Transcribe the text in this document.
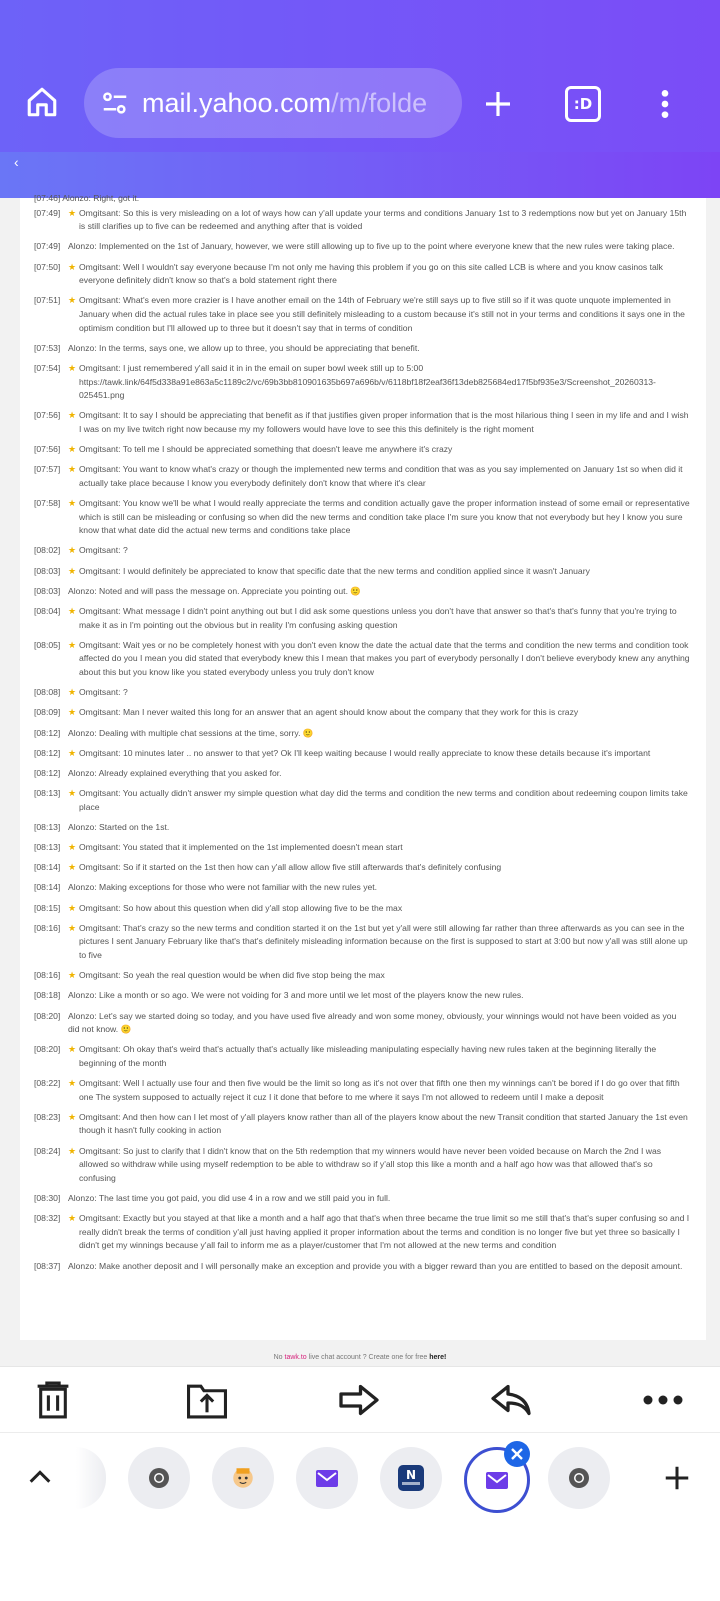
mail.yahoo.com/m/folde	:D
‹
[07:46] Alonzo: Right, got it.
[07:49] ★ Omgitsant: So this is very misleading on a lot of ways how can y'all update your terms and conditions January 1st to 3 redemptions now but yet on January 15th is still clarifies up to five can be redeemed and anything after that is voided
[07:49] Alonzo: Implemented on the 1st of January, however, we were still allowing up to five up to the point where everyone knew that the new rules were taking place.
[07:50] ★ Omgitsant: Well I wouldn't say everyone because I'm not only me having this problem if you go on this site called LCB is where and you know casinos talk everyone definitely didn't know so that's a bold statement right there
[07:51] ★ Omgitsant: What's even more crazier is I have another email on the 14th of February we're still says up to five still so if it was quote unquote implemented in January when did the actual rules take in place see you still definitely misleading to a custom because it's still not in your terms and conditions it says one in the optimism condition but I'll allowed up to three but it doesn't say that in terms of condition
[07:53] Alonzo: In the terms, says one, we allow up to three, you should be appreciating that benefit.
[07:54] ★ Omgitsant: I just remembered y'all said it in in the email on super bowl week still up to 5:00 https://tawk.link/64f5d338a91e863a5c1189c2/vc/69b3bb810901635b697a696b/v/6118bf18f2eaf36f13deb825684ed17f5bf935e3/Screenshot_20260313-025451.png
[07:56] ★ Omgitsant: It to say I should be appreciating that benefit as if that justifies given proper information that is the most hilarious thing I seen in my life and and I wish I was on my live twitch right now because my my followers would have love to see this this definitely is the right moment
[07:56] ★ Omgitsant: To tell me I should be appreciated something that doesn't leave me anywhere it's crazy
[07:57] ★ Omgitsant: You want to know what's crazy or though the implemented new terms and condition that was as you say implemented on January 1st so when did it actually take place because I know you everybody definitely don't know that where it's clear
[07:58] ★ Omgitsant: You know we'll be what I would really appreciate the terms and condition actually gave the proper information instead of some email or representative which is still can be misleading or confusing so when did the new terms and condition take place I'm sure you know that not everybody but hey I know you sure know that what date did the actual new terms and conditions take place
[08:02] ★ Omgitsant: ?
[08:03] ★ Omgitsant: I would definitely be appreciated to know that specific date that the new terms and condition applied since it wasn't January
[08:03] Alonzo: Noted and will pass the message on. Appreciate you pointing out. 🙂
[08:04] ★ Omgitsant: What message I didn't point anything out but I did ask some questions unless you don't have that answer so that's that's funny that you're trying to make it as in I'm pointing out the obvious but in reality I'm confusing asking question
[08:05] ★ Omgitsant: Wait yes or no be completely honest with you don't even know the date the actual date that the terms and condition the new terms and condition took affected do you I mean you did stated that everybody knew this I mean that makes you part of everybody personally I don't believe everybody knew any anything about this but you know like you stated everybody unless you truly don't know
[08:08] ★ Omgitsant: ?
[08:09] ★ Omgitsant: Man I never waited this long for an answer that an agent should know about the company that they work for this is crazy
[08:12] Alonzo: Dealing with multiple chat sessions at the time, sorry. 🙂
[08:12] ★ Omgitsant: 10 minutes later .. no answer to that yet? Ok I'll keep waiting because I would really appreciate to know these details because it's important
[08:12] Alonzo: Already explained everything that you asked for.
[08:13] ★ Omgitsant: You actually didn't answer my simple question what day did the terms and condition the new terms and condition about redeeming coupon limits take place
[08:13] Alonzo: Started on the 1st.
[08:13] ★ Omgitsant: You stated that it implemented on the 1st implemented doesn't mean start
[08:14] ★ Omgitsant: So if it started on the 1st then how can y'all allow allow five still afterwards that's definitely confusing
[08:14] Alonzo: Making exceptions for those who were not familiar with the new rules yet.
[08:15] ★ Omgitsant: So how about this question when did y'all stop allowing five to be the max
[08:16] ★ Omgitsant: That's crazy so the new terms and condition started it on the 1st but yet y'all were still allowing far rather than three afterwards as you can see in the pictures I sent January February like that's that's definitely misleading information because on the first is supposed to start at 3:00 but now y'all was still alone up to five
[08:16] ★ Omgitsant: So yeah the real question would be when did five stop being the max
[08:18] Alonzo: Like a month or so ago. We were not voiding for 3 and more until we let most of the players know the new rules.
[08:20] Alonzo: Let's say we started doing so today, and you have used five already and won some money, obviously, your winnings would not have been voided as you did not know. 🙂
[08:20] ★ Omgitsant: Oh okay that's weird that's actually that's actually like misleading manipulating especially having new rules taken at the beginning literally the beginning of the month
[08:22] ★ Omgitsant: Well I actually use four and then five would be the limit so long as it's not over that fifth one then my winnings can't be bored if I do go over that fifth one The system supposed to actually reject it cuz I it done that before to me where it says I'm not allowed to redeem until I make a deposit
[08:23] ★ Omgitsant: And then how can I let most of y'all players know rather than all of the players know about the new Transit condition that started January the 1st even though it hasn't fully cooking in action
[08:24] ★ Omgitsant: So just to clarify that I didn't know that on the 5th redemption that my winners would have never been voided because on March the 2nd I was allowed so withdraw while using myself redemption to be able to withdraw so if y'all stop this like a month and a half ago how was that allowed that's so confusing
[08:30] Alonzo: The last time you got paid, you did use 4 in a row and we still paid you in full.
[08:32] ★ Omgitsant: Exactly but you stayed at that like a month and a half ago that that's when three became the true limit so me still that's that's super confusing so and I really didn't break the terms of condition y'all just having applied it proper information about the terms and condition is no longer five but yet three so basically I didn't get my winnings because y'all fail to inform me as a player/customer that I'm not allowed at the new terms and condition
[08:37] Alonzo: Make another deposit and I will personally make an exception and provide you with a bigger reward than you are entitled to based on the deposit amount.
No tawk.to live chat account ? Create one for free here!
N
